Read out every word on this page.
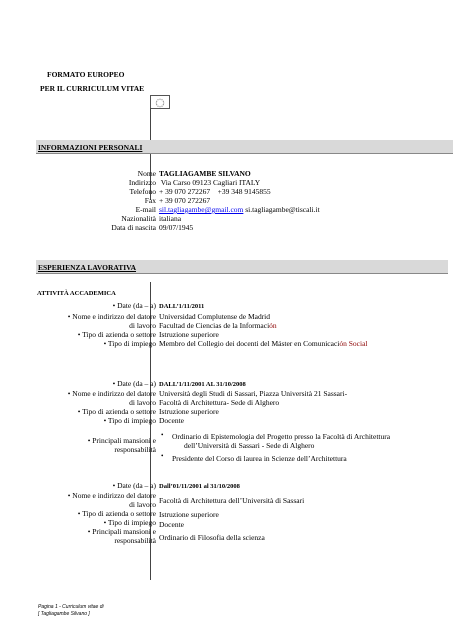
FORMATO EUROPEO
PER IL CURRICULUM VITAE
INFORMAZIONI PERSONALI
Nome TAGLIAGAMBE SILVANO
Indirizzo Via Carso 09123 Cagliari ITALY
Telefono + 39 070 272267    +39 348 9145855
Fax + 39 070 272267
E-mail sil.tagliagambe@gmail.com si.tagliagambe@tiscali.it
Nazionalità italiana
Data di nascita 09/07/1945
ESPERIENZA LAVORATIVA
ATTIVITÀ ACCADEMICA
• Date (da – a) DALL’1/11/2011
• Nome e indirizzo del datore Universidad Complutense de Madrid
di lavoro Facultad de Ciencias de la Información
• Tipo di azienda o settore Istruzione superiore
• Tipo di impiego Membro del Collegio dei docenti del Máster en Comunicación Social
• Date (da – a) DALL’1/11/2001 AL 31/10/2008
• Nome e indirizzo del datore Università degli Studi di Sassari, Piazza Università 21 Sassari-
di lavoro Facoltà di Architettura- Sede di Alghero
• Tipo di azienda o settore Istruzione superiore
• Tipo di impiego Docente
• Principali mansioni e
responsabilità
• Ordinario di Epistemologia del Progetto presso la Facoltà di Architettura
dell’Università di Sassari - Sede di Alghero
• Presidente del Corso di laurea in Scienze dell’Architettura
• Date (da – a) Dall’01/11/2001 al 31/10/2008
• Nome e indirizzo del datore
di lavoro Facoltà di Architettura dell’Università di Sassari
• Tipo di azienda o settore Istruzione superiore
• Tipo di impiego Docente
• Principali mansioni e
responsabilità Ordinario di Filosofia della scienza
Pagina 1 - Curriculum vitae di
[ Tagliagambe Silvano ]
